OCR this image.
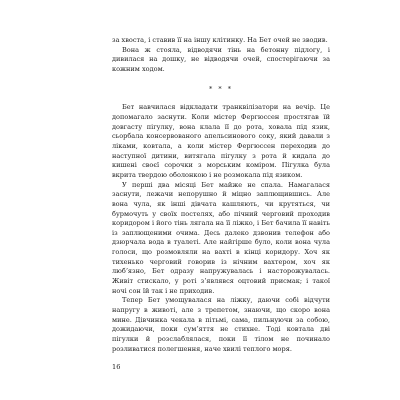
за хвоста, і ставив її на іншу клітинку. На Бет очей не зводив.

Вона ж стояла, відводячи тінь на бетонну підлогу, і дивилася на дошку, не відводячи очей, спостерігаючи за кожним ходом.

* * *

Бет навчилася відкладати транквілізатори на вечір. Це допомагало заснути. Коли містер Фергюссен простягав їй довгасту пігулку, вона клала її до рота, ховала під язик, сьорбала консервованого апельсинового соку, який давали з ліками, ковтала, а коли містер Фергюссен переходив до наступної дитини, витягала пігулку з рота й кидала до кишені своєї сорочки з морським коміром. Пігулка була вкрита твердою оболонкою і не розмокала під язиком.

У перші два місяці Бет майже не спала. Намагалася заснути, лежачи непорушно й міцно заплющившись. Але вона чула, як інші дівчата кашляють, чи крутяться, чи бурмочуть у своїх постелях, або пічний черговий проходив коридором і його тінь лягала на її ліжко, і Бет бачила її навіть із заплющеними очима. Десь далеко дзвонив телефон або дзюрчала вода в туалеті. Але найгірше було, коли вона чула голоси, що розмовляли на вахті в кінці коридору. Хоч як тихенько черговий говорив із нічним вахтером, хоч як любʼязно, Бет одразу напружувалась і насторожувалась. Живіт стискало, у роті зʼявлявся оцтовий присмак; і такої ночі сон їй так і не приходив.

Тепер Бет умощувалася на ліжку, даючи собі відчути напругу в животі, але з трепетом, знаючи, що скоро вона мине. Дівчинка чекала в пітьмі, сама, пильнуючи за собою, дожидаючи, поки сумʼяття не стихне. Тоді ковтала дві пігулки й розслаблялася, поки її тілом не починало розливатися полегшення, наче хвилі теплого моря.

16
